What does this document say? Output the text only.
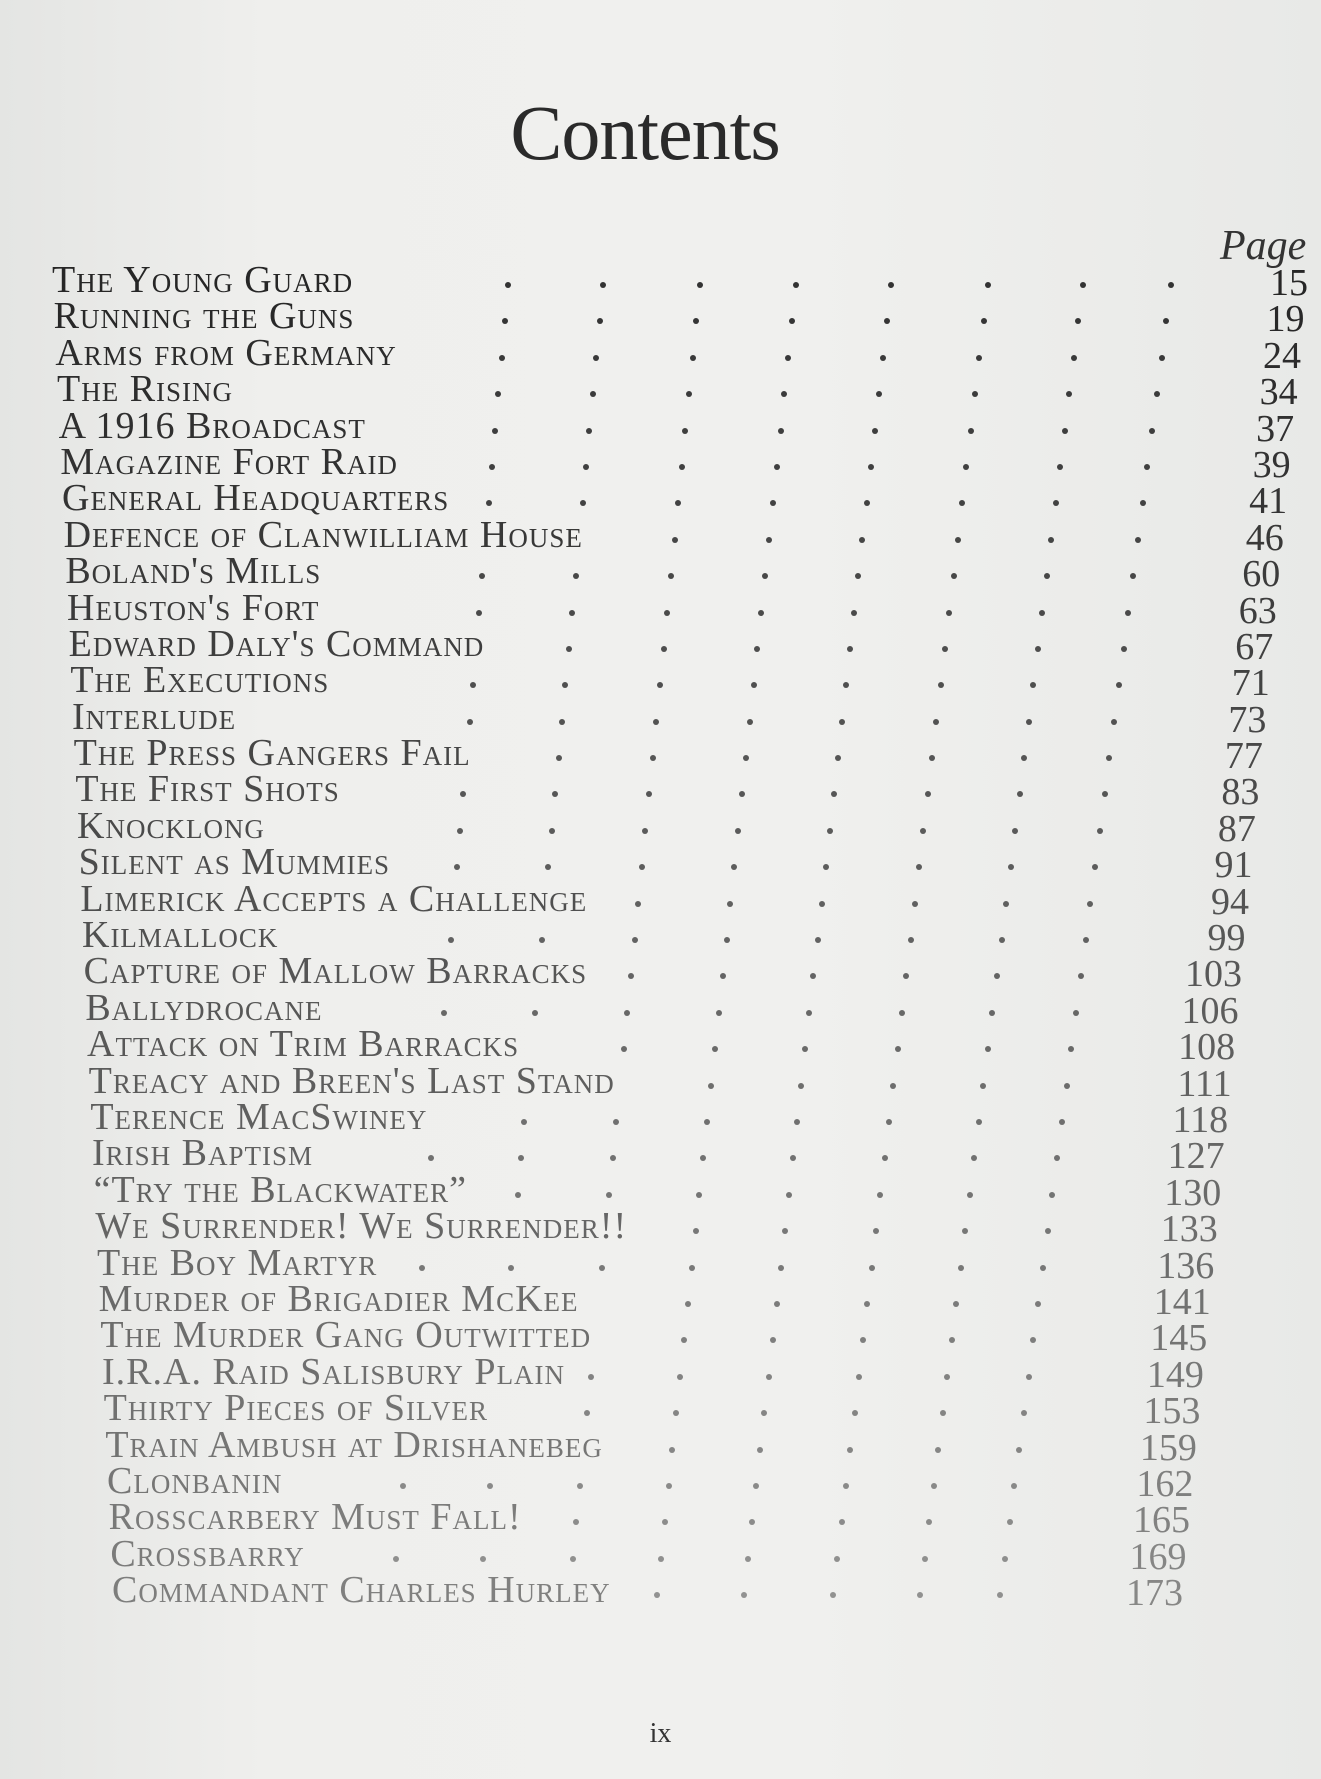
Contents
Page
The Young Guard	15
Running the Guns	19
Arms from Germany	24
The Rising	34
A 1916 Broadcast	37
Magazine Fort Raid	39
General Headquarters	41
Defence of Clanwilliam House	46
Boland's Mills	60
Heuston's Fort	63
Edward Daly's Command	67
The Executions	71
Interlude	73
The Press Gangers Fail	77
The First Shots	83
Knocklong	87
Silent as Mummies	91
Limerick Accepts a Challenge	94
Kilmallock	99
Capture of Mallow Barracks	103
Ballydrocane	106
Attack on Trim Barracks	108
Treacy and Breen's Last Stand	111
Terence MacSwiney	118
Irish Baptism	127
“Try the Blackwater”	130
We Surrender! We Surrender!!	133
The Boy Martyr	136
Murder of Brigadier McKee	141
The Murder Gang Outwitted	145
I.R.A. Raid Salisbury Plain	149
Thirty Pieces of Silver	153
Train Ambush at Drishanebeg	159
Clonbanin	162
Rosscarbery Must Fall!	165
Crossbarry	169
Commandant Charles Hurley	173
ix
